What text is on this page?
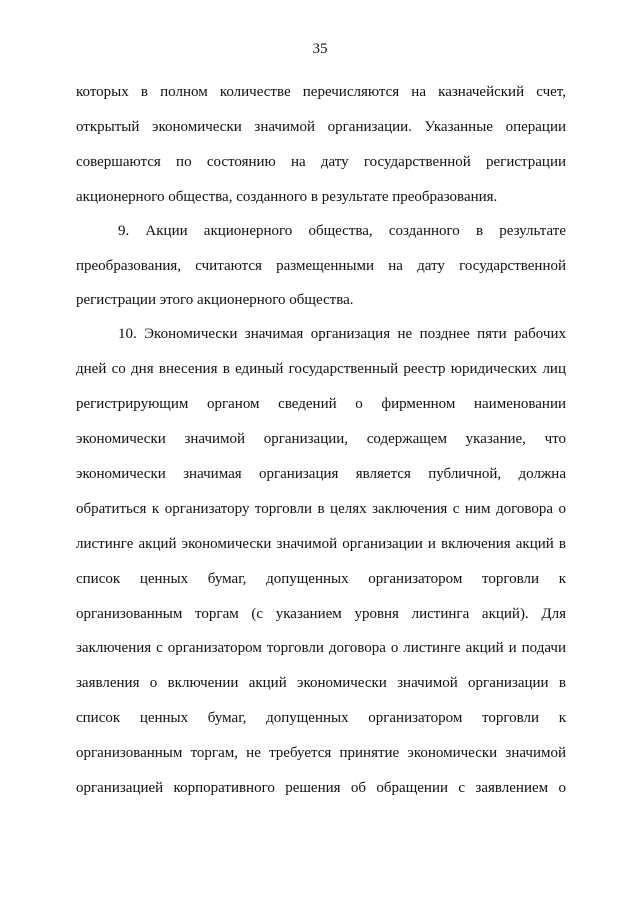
35
которых в полном количестве перечисляются на казначейский счет,
открытый экономически значимой организации. Указанные операции
совершаются по состоянию на дату государственной регистрации
акционерного общества, созданного в результате преобразования.
9. Акции акционерного общества, созданного в результате
преобразования, считаются размещенными на дату государственной
регистрации этого акционерного общества.
10. Экономически значимая организация не позднее пяти рабочих
дней со дня внесения в единый государственный реестр юридических лиц
регистрирующим органом сведений о фирменном наименовании
экономически значимой организации, содержащем указание, что
экономически значимая организация является публичной, должна
обратиться к организатору торговли в целях заключения с ним договора о
листинге акций экономически значимой организации и включения акций в
список ценных бумаг, допущенных организатором торговли к
организованным торгам (с указанием уровня листинга акций). Для
заключения с организатором торговли договора о листинге акций и подачи
заявления о включении акций экономически значимой организации в
список ценных бумаг, допущенных организатором торговли к
организованным торгам, не требуется принятие экономически значимой
организацией корпоративного решения об обращении с заявлением о
